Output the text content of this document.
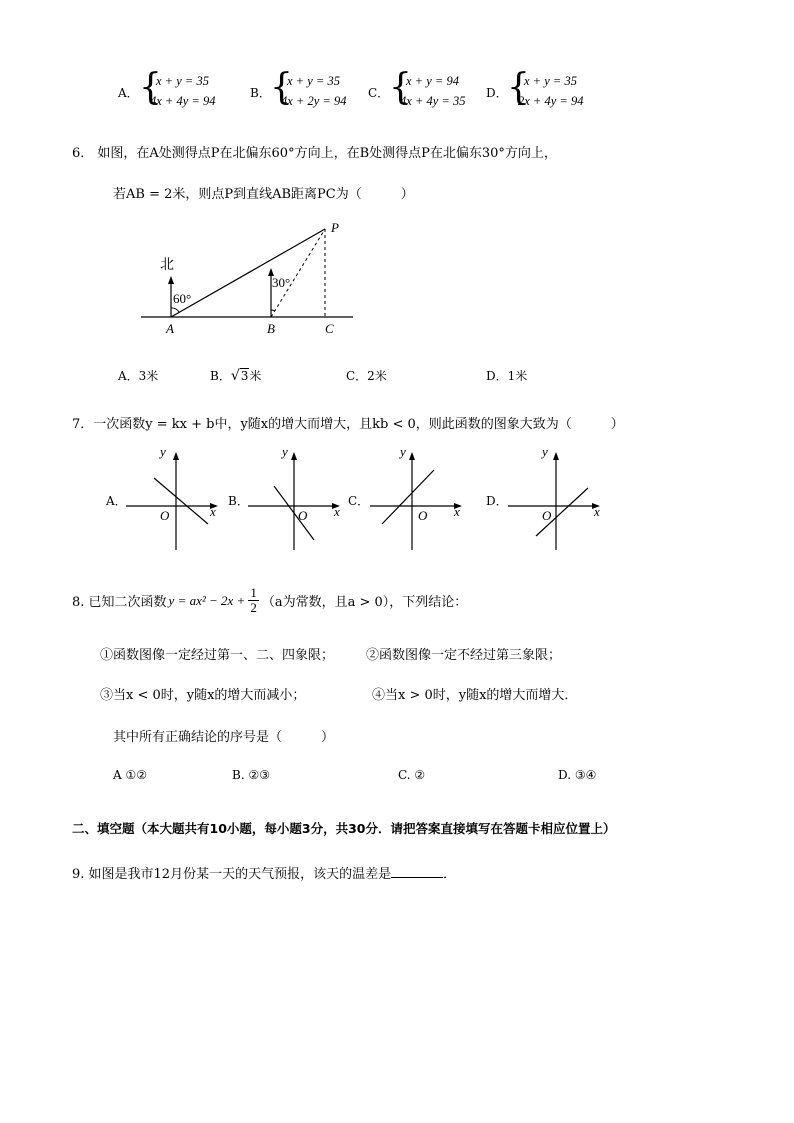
A． {
x + y = 35
4x + 4y = 94
B． {
x + y = 35
4x + 2y = 94
C． {
x + y = 94
4x + 4y = 35
D． {
x + y = 35
2x + 4y = 94
6． 如图，在A处测得点P在北偏东60°方向上，在B处测得点P在北偏东30°方向上，
若AB = 2米，则点P到直线AB距离PC为（　　　）
北
60°
30°
A	B	C
P
A．3米	B．√3米	C．2米	D．1米
7．一次函数y = kx + b中，y随x的增大而增大，且kb < 0，则此函数的图象大致为（　　　）
A．	B．	C．	D．
y
x
O
y
x
O
y
x
O
y
x
O
8. 已知二次函数 $y = ax^2 - 2x + \frac{1}{2} (a$为常数，且a > 0），下列结论：
①函数图像一定经过第一、二、四象限； ②函数图像一定不经过第三象限；
③当x < 0时，y随x的增大而减小；	④当x > 0时，y随x的增大而增大．
其中所有正确结论的序号是（　　　）
A ①②	B. ②③	C. ②	D. ③④
二、填空题（本大题共有10小题，每小题3分，共30分．请把答案直接填写在答题卡相应位置上）
9. 如图是我市12月份某一天的天气预报，该天的温差是	．
